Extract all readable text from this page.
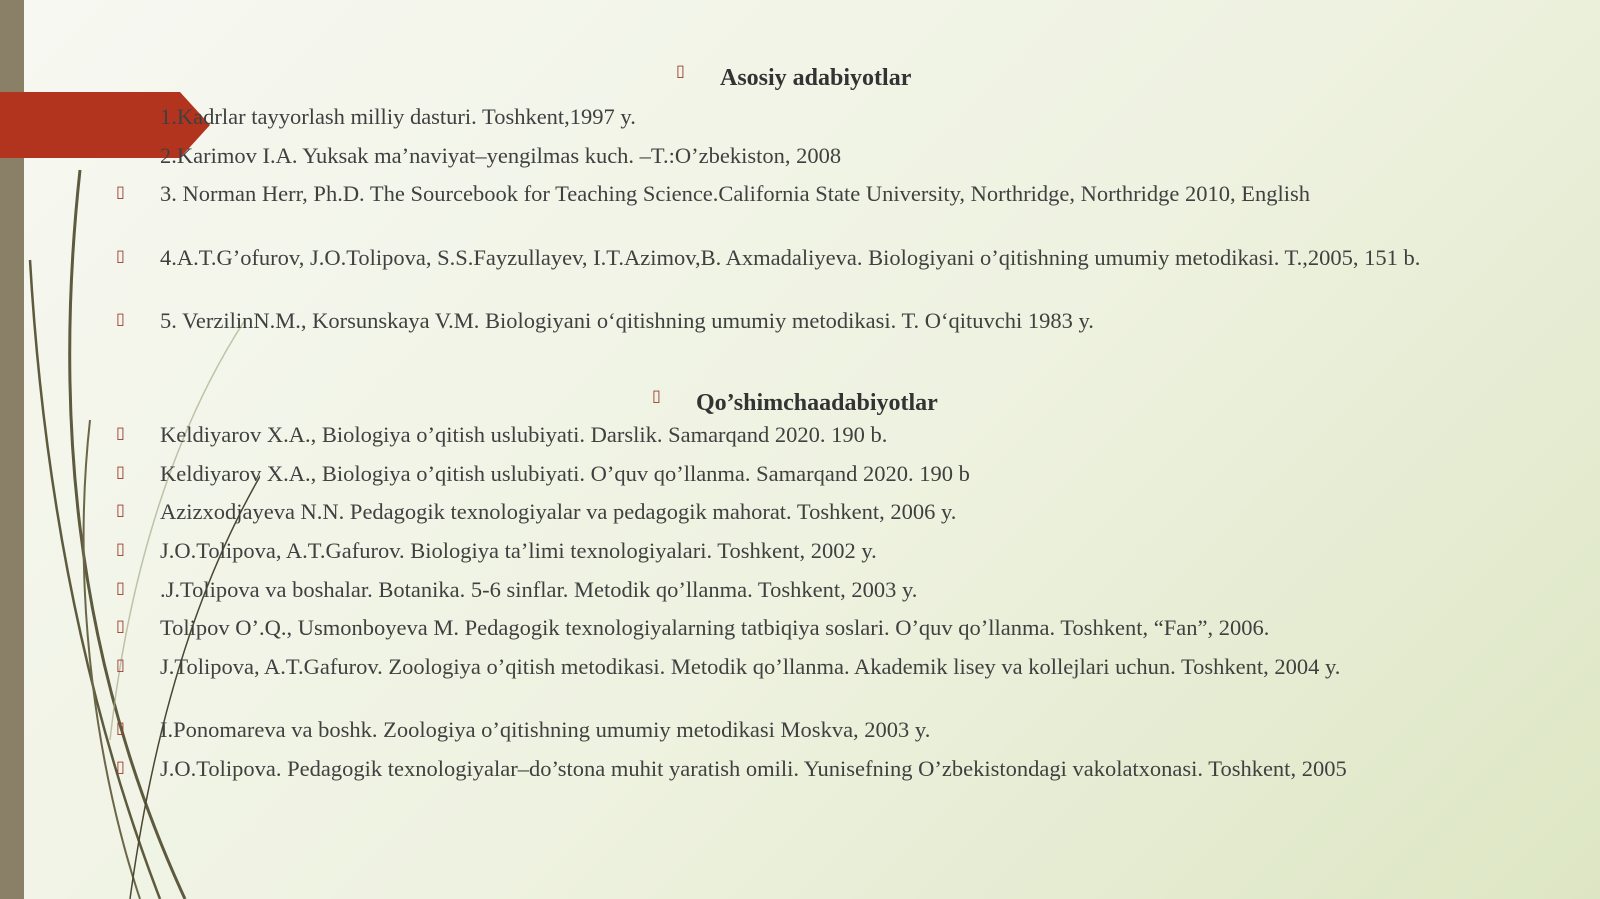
▯ Asosiy adabiyotlar
1.Kadrlar tayyorlash milliy dasturi. Toshkent,1997 y.
2.Karimov I.A. Yuksak ma’naviyat–yengilmas kuch. –T.:O’zbekiston, 2008
▯ 3. Norman Herr, Ph.D. The Sourcebook for Teaching Science.California State University, Northridge, Northridge 2010, English
▯ 4.A.T.G’ofurov, J.O.Tolipova, S.S.Fayzullayev, I.T.Azimov,B. Axmadaliyeva. Biologiyani o’qitishning umumiy metodikasi. T.,2005, 151 b.
▯ 5. VerzilinN.M., Korsunskaya V.M. Biologiyani o‘qitishning umumiy metodikasi. T. O‘qituvchi 1983 y.
▯ Qo’shimchaadabiyotlar
▯ Keldiyarov X.A., Biologiya o’qitish uslubiyati. Darslik. Samarqand 2020. 190 b.
▯ Keldiyarov X.A., Biologiya o’qitish uslubiyati. O’quv qo’llanma. Samarqand 2020. 190 b
▯ Azizxodjayeva N.N. Pedagogik texnologiyalar va pedagogik mahorat. Toshkent, 2006 y.
▯ J.O.Tolipova, A.T.Gafurov. Biologiya ta’limi texnologiyalari. Toshkent, 2002 y.
▯ .J.Tolipova va boshalar. Botanika. 5-6 sinflar. Metodik qo’llanma. Toshkent, 2003 y.
▯ Tolipov O’.Q., Usmonboyeva M. Pedagogik texnologiyalarning tatbiqiya soslari. O’quv qo’llanma. Toshkent, “Fan”, 2006.
▯ J.Tolipova, A.T.Gafurov. Zoologiya o’qitish metodikasi. Metodik qo’llanma. Akademik lisey va kollejlari uchun. Toshkent, 2004 y.
▯ I.Ponomareva va boshk. Zoologiya o’qitishning umumiy metodikasi Moskva, 2003 y.
▯ J.O.Tolipova. Pedagogik texnologiyalar–do’stona muhit yaratish omili. Yunisefning O’zbekistondagi vakolatxonasi. Toshkent, 2005
